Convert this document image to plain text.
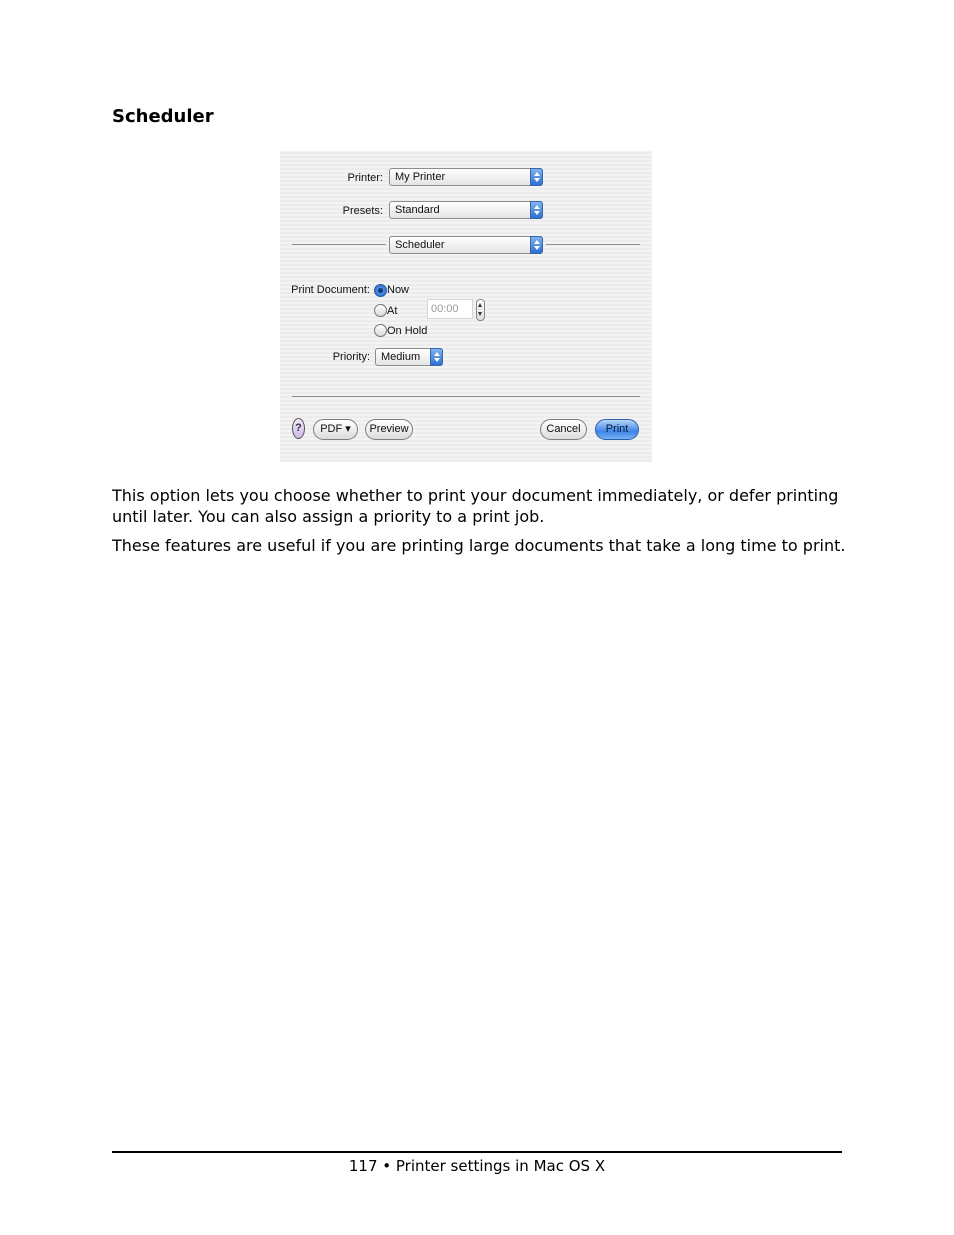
Scheduler
Printer: My Printer
Presets: Standard
Scheduler
Print Document: Now
At	00:00
On Hold
Priority: Medium
?	PDF ▾	Preview	Cancel	Print

This option lets you choose whether to print your document immediately, or defer printing until later. You can also assign a priority to a print job.

These features are useful if you are printing large documents that take a long time to print.

117 • Printer settings in Mac OS X
